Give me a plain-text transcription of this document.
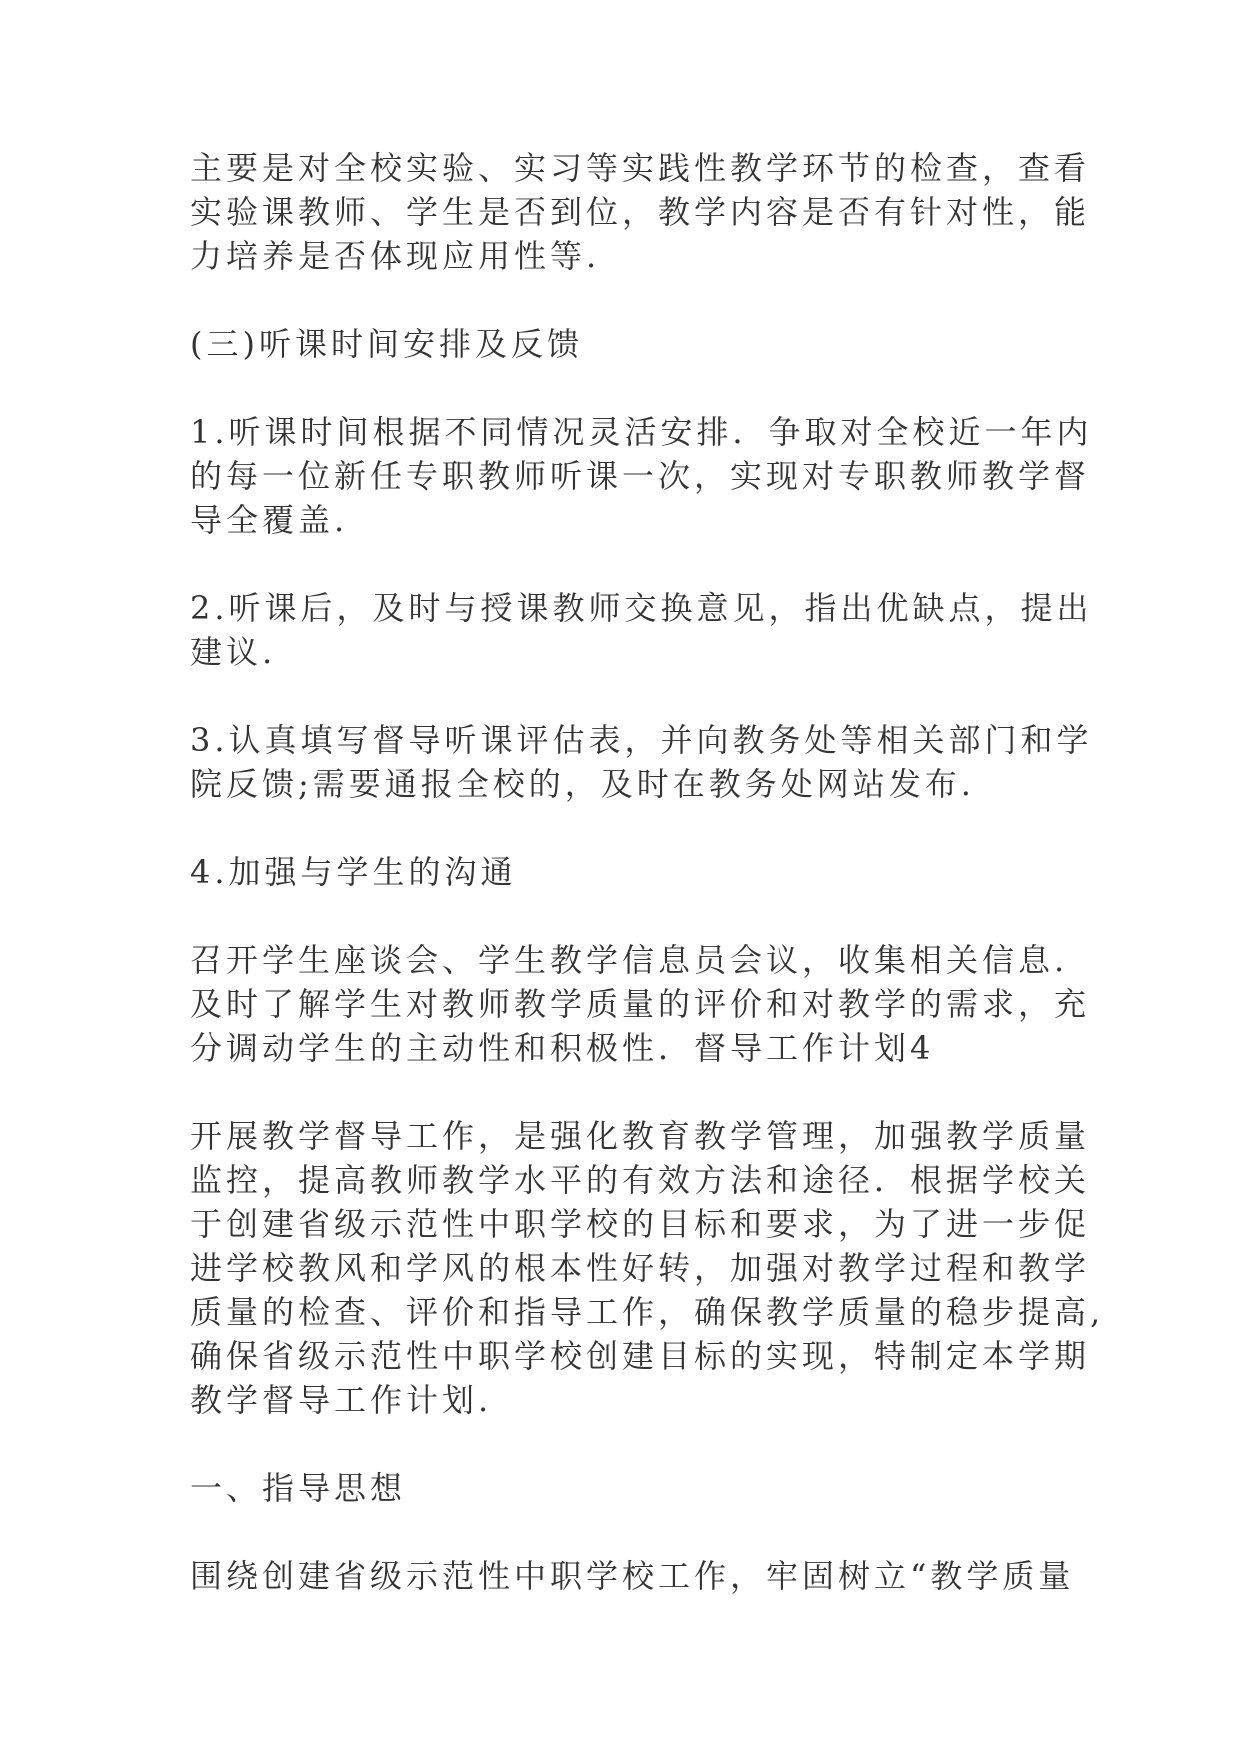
主要是对全校实验、实习等实践性教学环节的检查，查看
实验课教师、学生是否到位，教学内容是否有针对性，能
力培养是否体现应用性等.
(三)听课时间安排及反馈
1.听课时间根据不同情况灵活安排．争取对全校近一年内
的每一位新任专职教师听课一次，实现对专职教师教学督
导全覆盖.
2.听课后，及时与授课教师交换意见，指出优缺点，提出
建议.
3.认真填写督导听课评估表，并向教务处等相关部门和学
院反馈;需要通报全校的，及时在教务处网站发布.
4.加强与学生的沟通
召开学生座谈会、学生教学信息员会议，收集相关信息.
及时了解学生对教师教学质量的评价和对教学的需求，充
分调动学生的主动性和积极性．督导工作计划4
开展教学督导工作，是强化教育教学管理，加强教学质量
监控，提高教师教学水平的有效方法和途径．根据学校关
于创建省级示范性中职学校的目标和要求，为了进一步促
进学校教风和学风的根本性好转，加强对教学过程和教学
质量的检查、评价和指导工作，确保教学质量的稳步提高,
确保省级示范性中职学校创建目标的实现，特制定本学期
教学督导工作计划.
一、指导思想
围绕创建省级示范性中职学校工作，牢固树立“教学质量
